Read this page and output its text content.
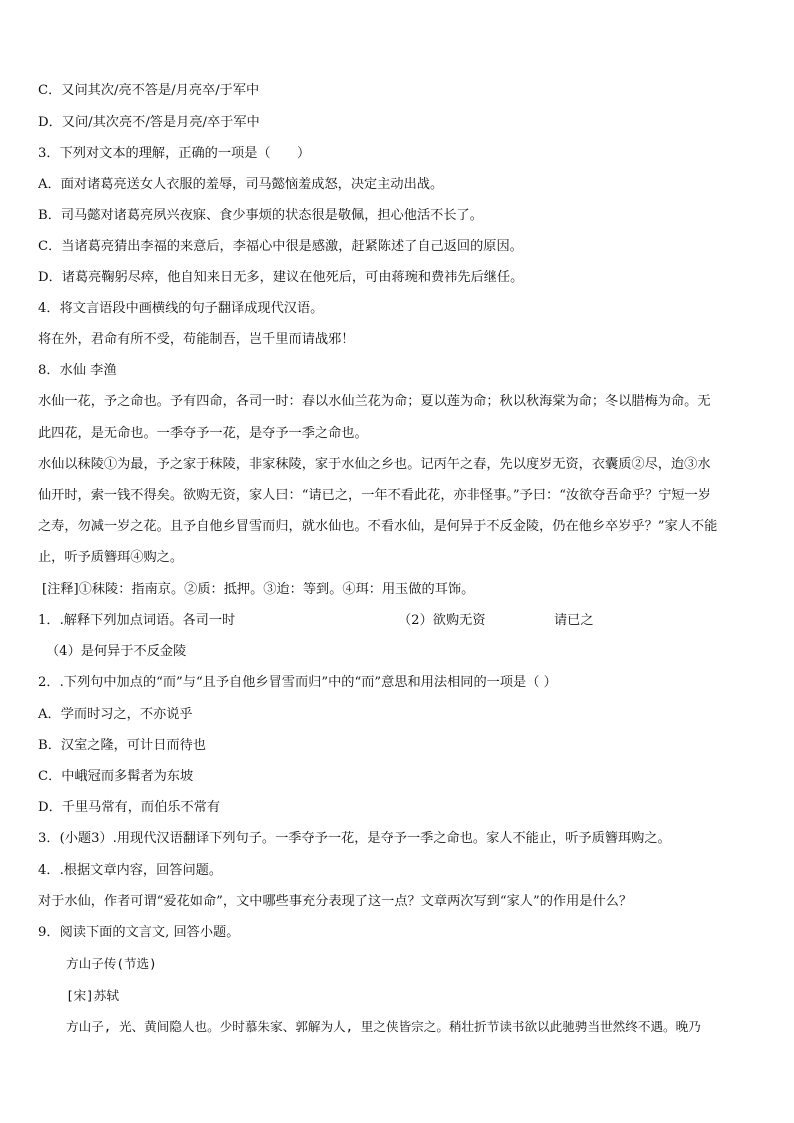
C．又问其次/亮不答是/月亮卒/于军中
D．又问/其次亮不/答是月亮/卒于军中
3．下列对文本的理解，正确的一项是（　　）
A．面对诸葛亮送女人衣服的羞辱，司马懿恼羞成怒，决定主动出战。
B．司马懿对诸葛亮夙兴夜寐、食少事烦的状态很是敬佩，担心他活不长了。
C．当诸葛亮猜出李福的来意后，李福心中很是感激，赶紧陈述了自己返回的原因。
D．诸葛亮鞠躬尽瘁，他自知来日无多，建议在他死后，可由蒋琬和费祎先后继任。
4．将文言语段中画横线的句子翻译成现代汉语。
将在外，君命有所不受，苟能制吾，岂千里而请战邪！
8．水仙 李渔
水仙一花，予之命也。予有四命，各司一时：春以水仙兰花为命；夏以莲为命；秋以秋海棠为命；冬以腊梅为命。无
此四花，是无命也。一季夺予一花，是夺予一季之命也。
水仙以秣陵①为最，予之家于秣陵，非家秣陵，家于水仙之乡也。记丙午之春，先以度岁无资，衣囊质②尽，迨③水
仙开时，索一钱不得矣。欲购无资，家人曰：“请已之，一年不看此花，亦非怪事。”予曰：“汝欲夺吾命乎？宁短一岁
之寿，勿减一岁之花。且予自他乡冒雪而归，就水仙也。不看水仙，是何异于不反金陵，仍在他乡卒岁乎？”家人不能
止，听予质簪珥④购之。
[注释]①秣陵：指南京。②质：抵押。③迨：等到。④珥：用玉做的耳饰。
1．.解释下列加点词语。各司一时	（2）欲购无资	请已之
（4）是何异于不反金陵
2．.下列句中加点的“而”与“且予自他乡冒雪而归”中的“而”意思和用法相同的一项是（ ）
A．学而时习之，不亦说乎
B．汉室之隆，可计日而待也
C．中峨冠而多髯者为东坡
D．千里马常有，而伯乐不常有
3．(小题3）.用现代汉语翻译下列句子。一季夺予一花，是夺予一季之命也。家人不能止，听予质簪珥购之。
4．.根据文章内容，回答问题。
对于水仙，作者可谓“爱花如命”，文中哪些事充分表现了这一点？文章两次写到“家人”的作用是什么？
9．阅读下面的文言文, 回答小题。
方山子传(节选)
[宋]苏轼
方山子, 光、黄间隐人也。少时慕朱家、郭解为人, 里之侠皆宗之。稍壮折节读书欲以此驰骋当世然终不遇。晚乃
